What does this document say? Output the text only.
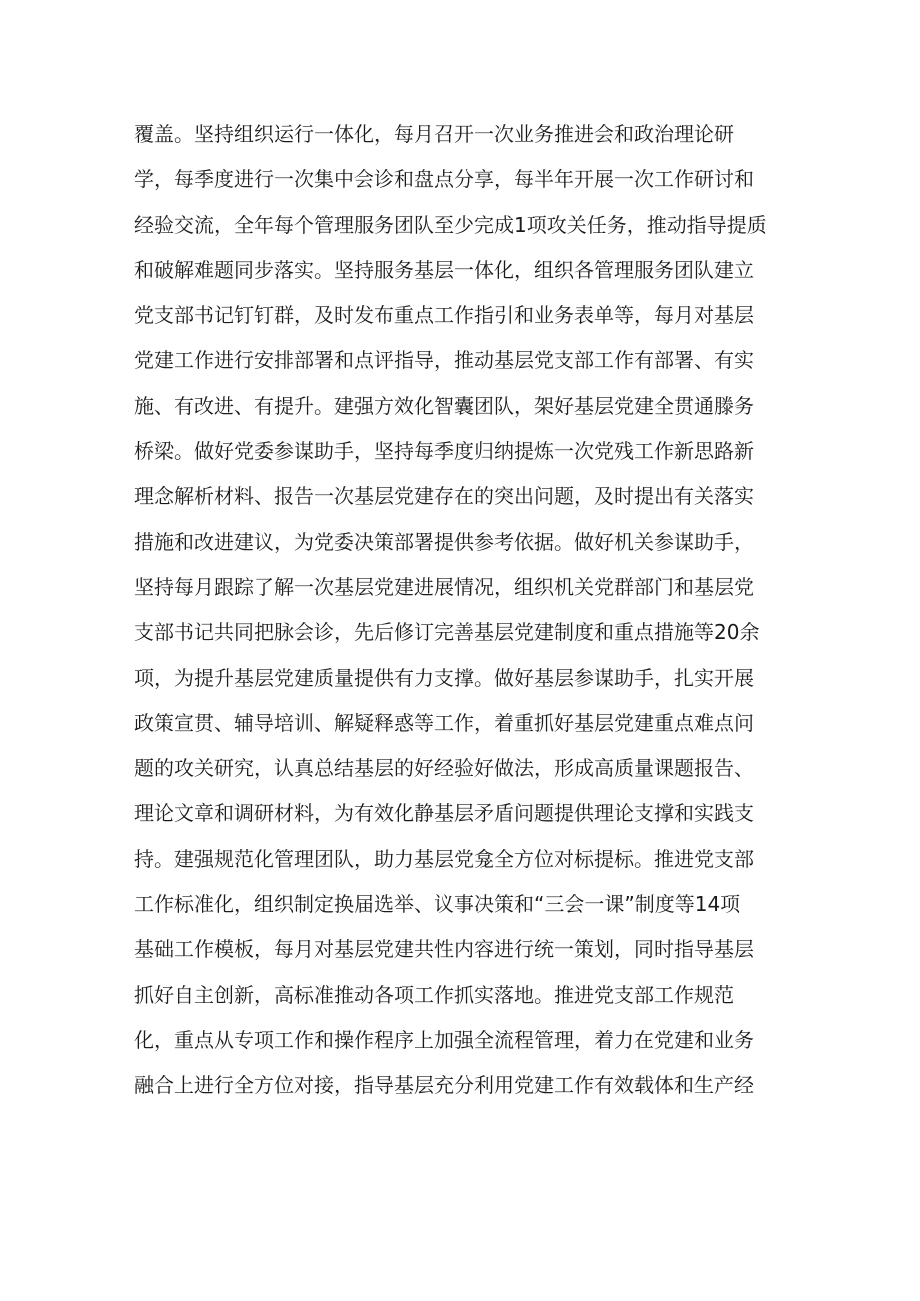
覆盖。坚持组织运行一体化，每月召开一次业务推进会和政治理论研
学，每季度进行一次集中会诊和盘点分享，每半年开展一次工作研讨和
经验交流，全年每个管理服务团队至少完成1项攻关任务，推动指导提质
和破解难题同步落实。坚持服务基层一体化，组织各管理服务团队建立
党支部书记钉钉群，及时发布重点工作指引和业务表单等，每月对基层
党建工作进行安排部署和点评指导，推动基层党支部工作有部署、有实
施、有改进、有提升。建强方效化智囊团队，架好基层党建全贯通滕务
桥梁。做好党委参谋助手，坚持每季度归纳提炼一次党残工作新思路新
理念解析材料、报告一次基层党建存在的突出问题，及时提出有关落实
措施和改进建议，为党委决策部署提供参考依据。做好机关参谋助手，
坚持每月跟踪了解一次基层党建进展情况，组织机关党群部门和基层党
支部书记共同把脉会诊，先后修订完善基层党建制度和重点措施等20余
项，为提升基层党建质量提供有力支撑。做好基层参谋助手，扎实开展
政策宣贯、辅导培训、解疑释惑等工作，着重抓好基层党建重点难点问
题的攻关研究，认真总结基层的好经验好做法，形成高质量课题报告、
理论文章和调研材料，为有效化静基层矛盾问题提供理论支撑和实践支
持。建强规范化管理团队，助力基层党龛全方位对标提标。推进党支部
工作标准化，组织制定换届选举、议事决策和“三会一课”制度等14项
基础工作模板，每月对基层党建共性内容进行统一策划，同时指导基层
抓好自主创新，高标准推动各项工作抓实落地。推进党支部工作规范
化，重点从专项工作和操作程序上加强全流程管理，着力在党建和业务
融合上进行全方位对接，指导基层充分利用党建工作有效载体和生产经
